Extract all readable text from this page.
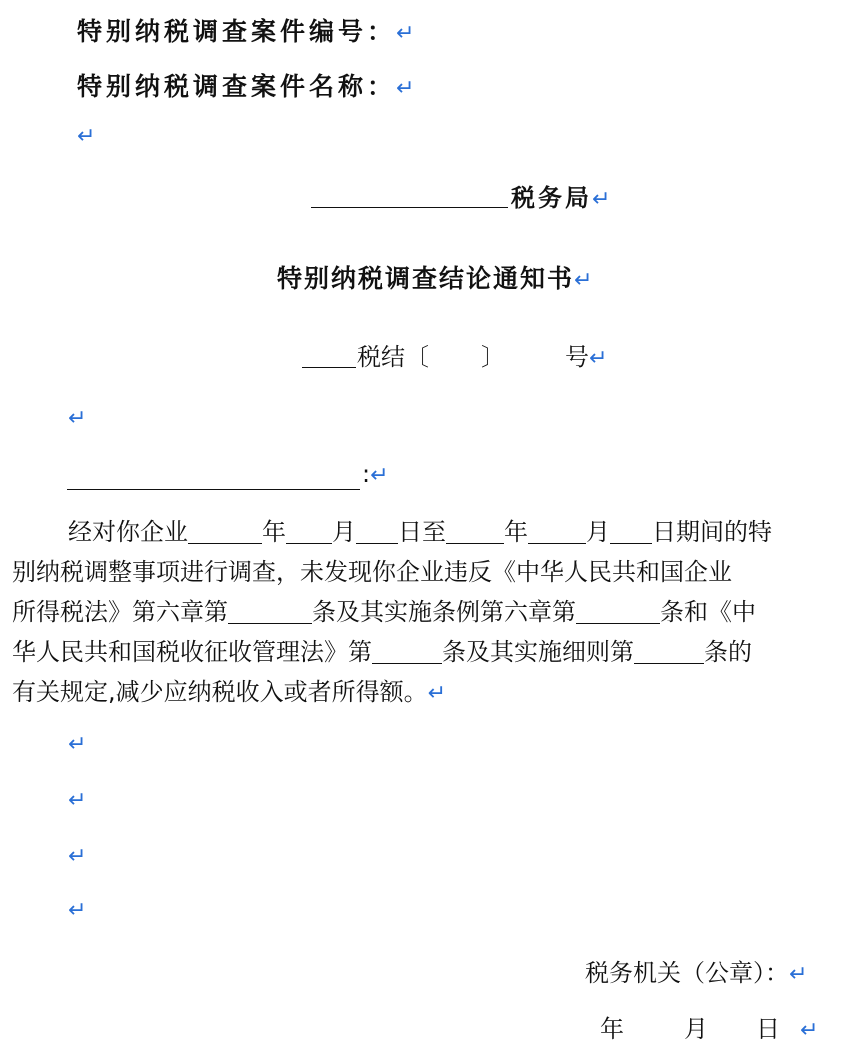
特别纳税调查案件编号：↵
特别纳税调查案件名称：↵
↵
税务局↵
特别纳税调查结论通知书↵
税结〔 〕	号↵
↵
:↵
经对你企业	年 月 日至 年 月 日期间的特
别纳税调整事项进行调查，未发现你企业违反《中华人民共和国企业
所得税法》第六章第	条及其实施条例第六章第	条和《中
华人民共和国税收征收管理法》第	条及其实施细则第	条的
有关规定,减少应纳税收入或者所得额。↵
↵
↵
↵
↵
税务机关（公章）：↵
年	月 日 ↵
